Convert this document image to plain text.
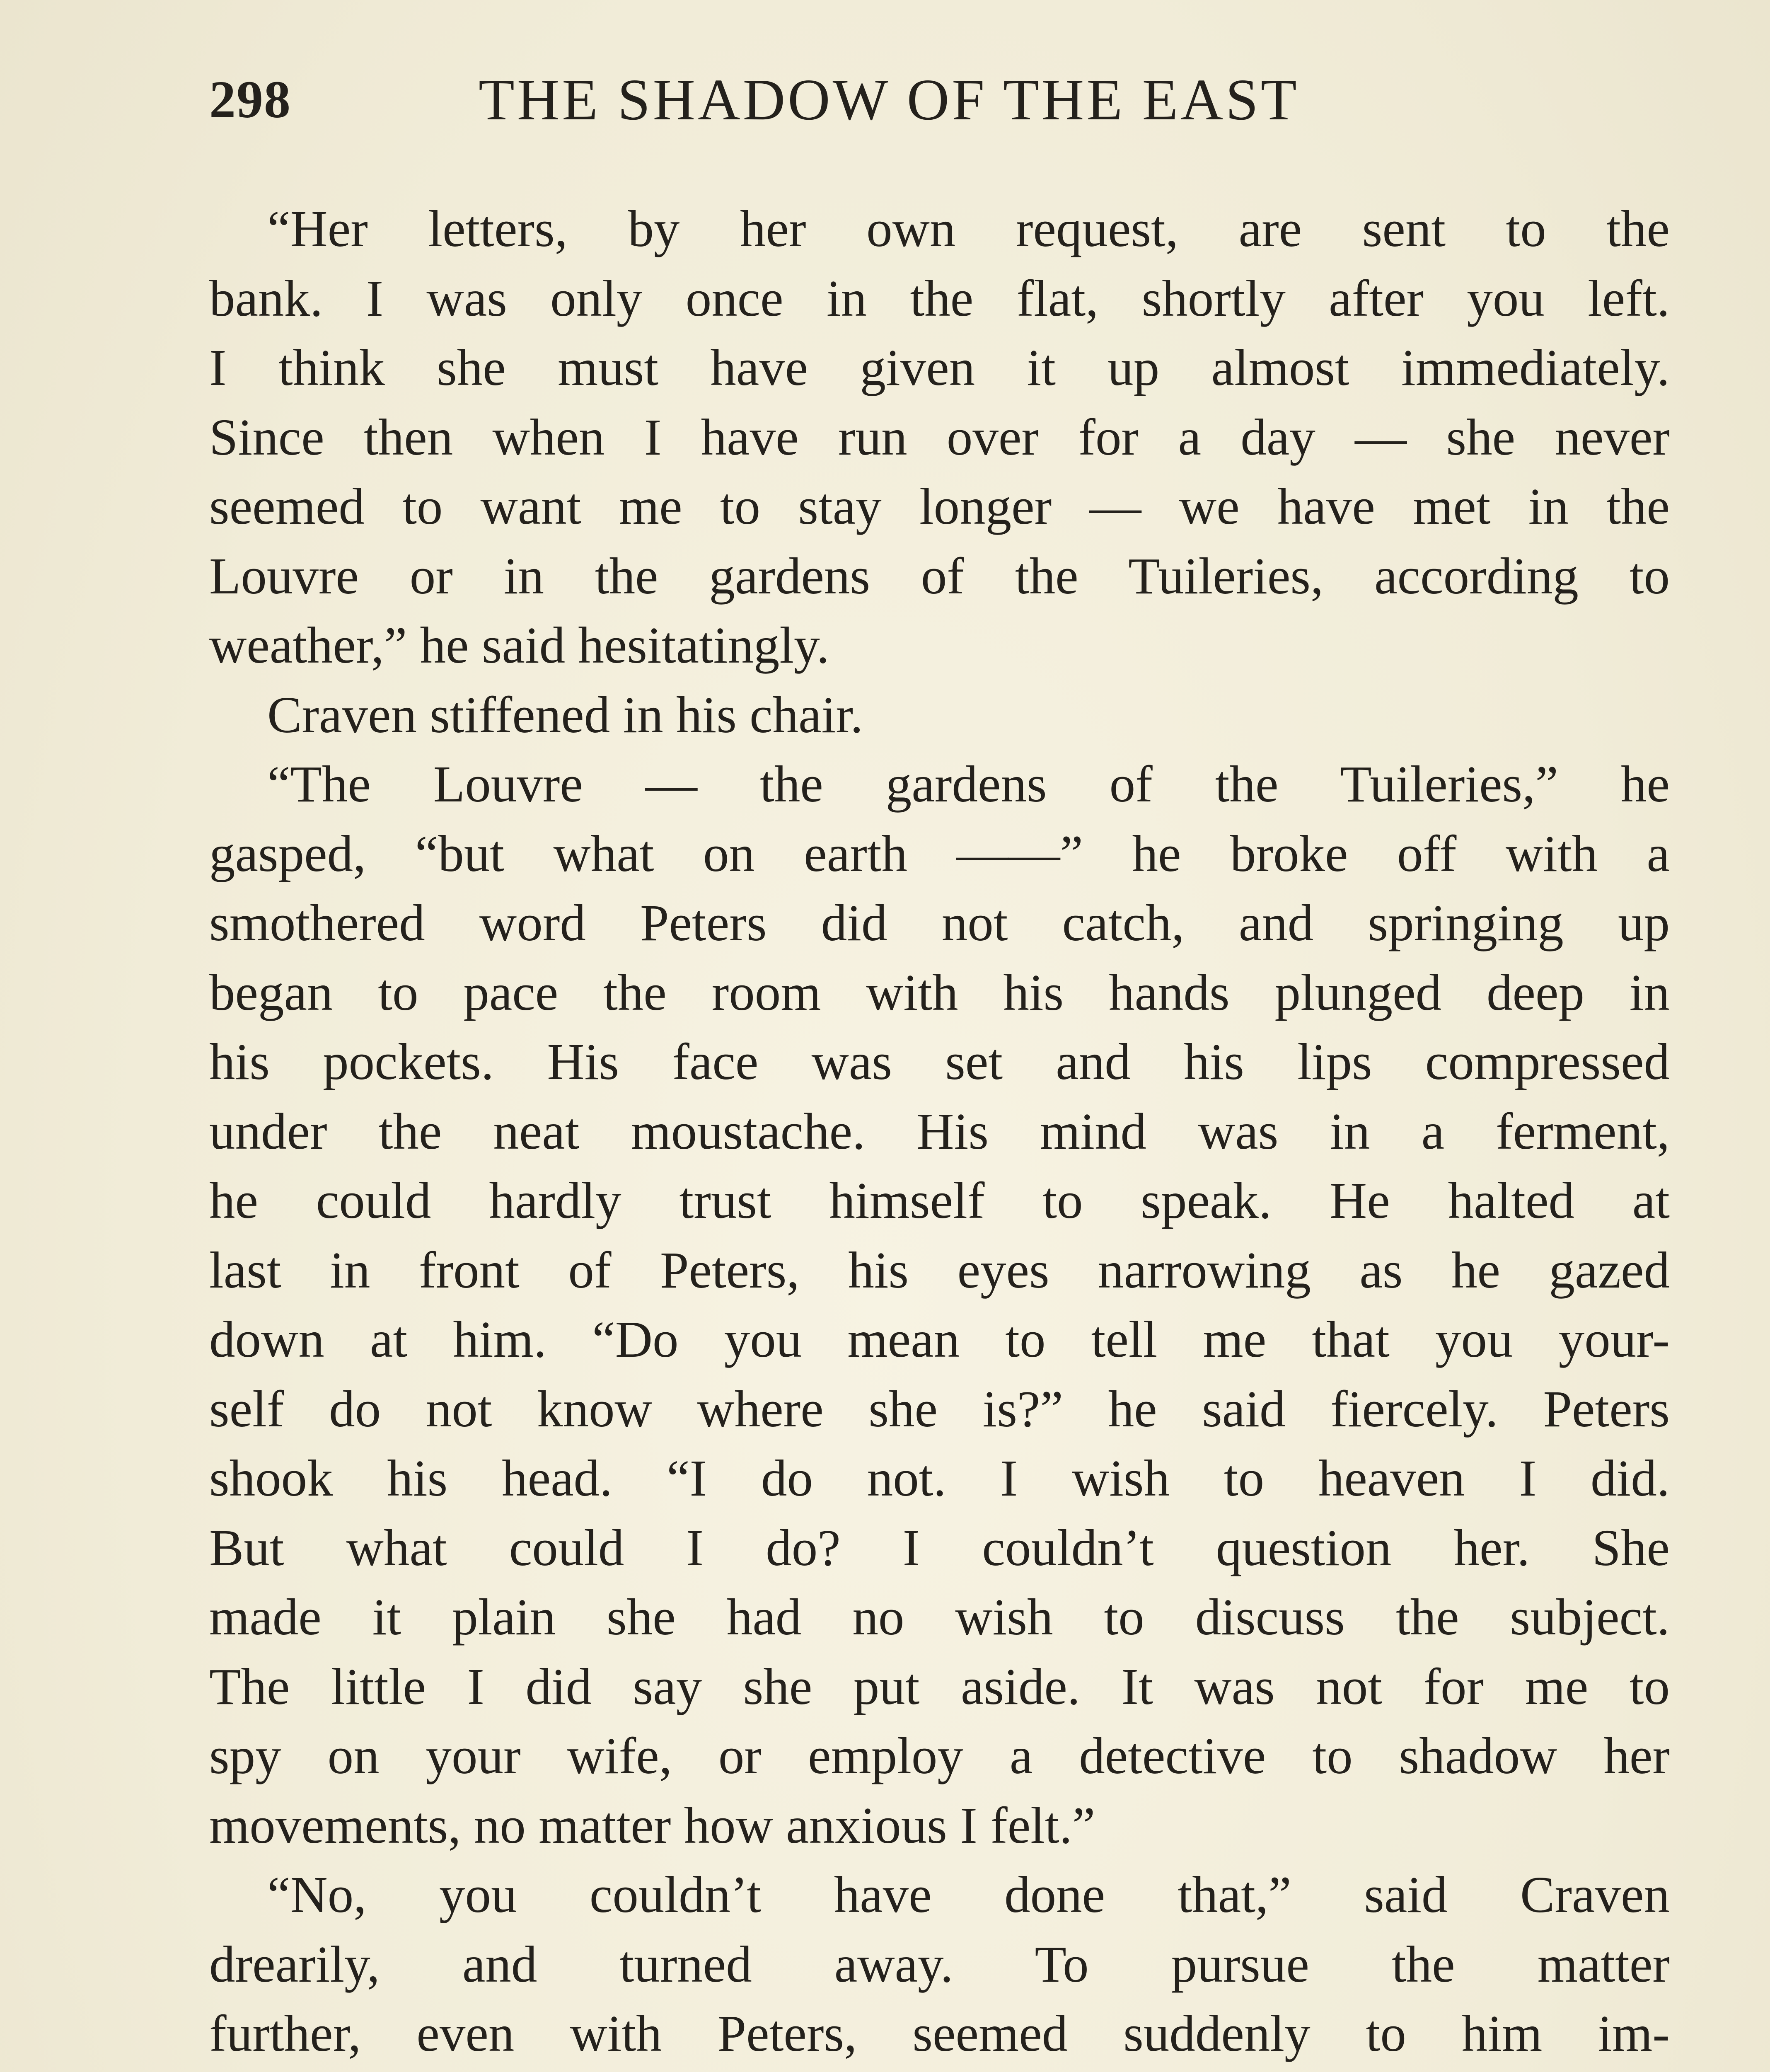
298	THE SHADOW OF THE EAST
“Her letters, by her own request, are sent to the
bank. I was only once in the flat, shortly after you left.
I think she must have given it up almost immediately.
Since then when I have run over for a day — she never
seemed to want me to stay longer — we have met in the
Louvre or in the gardens of the Tuileries, according to
weather,” he said hesitatingly.
Craven stiffened in his chair.
“The Louvre — the gardens of the Tuileries,” he
gasped, “but what on earth ——” he broke off with a
smothered word Peters did not catch, and springing up
began to pace the room with his hands plunged deep in
his pockets. His face was set and his lips compressed
under the neat moustache. His mind was in a ferment,
he could hardly trust himself to speak. He halted at
last in front of Peters, his eyes narrowing as he gazed
down at him. “Do you mean to tell me that you your-
self do not know where she is?” he said fiercely. Peters
shook his head. “I do not. I wish to heaven I did.
But what could I do? I couldn’t question her. She
made it plain she had no wish to discuss the subject.
The little I did say she put aside. It was not for me to
spy on your wife, or employ a detective to shadow her
movements, no matter how anxious I felt.”
“No, you couldn’t have done that,” said Craven
drearily, and turned away. To pursue the matter
further, even with Peters, seemed suddenly to him im-
